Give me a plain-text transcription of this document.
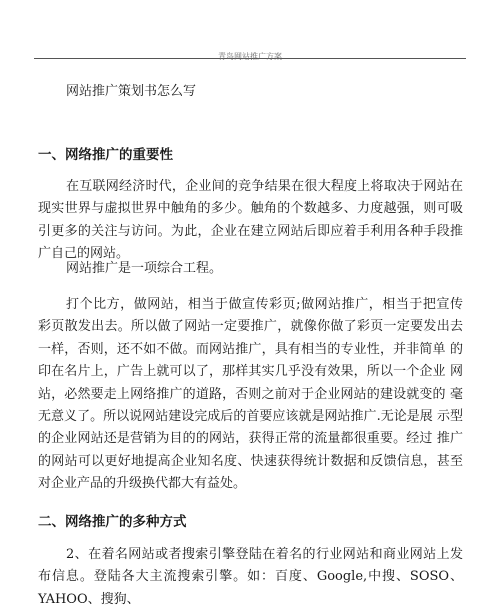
$_{青岛网站推广方案}$
网站推广策划书怎么写
一、网络推广的重要性
在互联网经济时代，企业间的竞争结果在很大程度上将取决于网站在 现实世界与虚拟世界中触角的多少。触角的个数越多、力度越强，则可吸 引更多的关注与访问。为此，企业在建立网站后即应着手利用各种手段推 广自己的网站。
网站推广是一项综合工程。
打个比方，做网站，相当于做宣传彩页;做网站推广，相当于把宣传 彩页散发出去。所以做了网站一定要推广，就像你做了彩页一定要发出去 一样，否则，还不如不做。而网站推广，具有相当的专业性，并非简单 的印在名片上，广告上就可以了，那样其实几乎没有效果，所以一个企业 网站，必然要走上网络推广的道路，否则之前对于企业网站的建设就变的 毫无意义了。所以说网站建设完成后的首要应该就是网站推广.无论是展 示型的企业网站还是营销为目的的网站，获得正常的流量都很重要。经过 推广的网站可以更好地提高企业知名度、快速获得统计数据和反馈信息，甚至对企业产品的升级换代都大有益处。
二、网络推广的多种方式
2、在着名网站或者搜索引擎登陆在着名的行业网站和商业网站上发 布信息。登陆各大主流搜索引擎。如：百度、Google,中搜、SOSO、 YAHOO、搜狗、
